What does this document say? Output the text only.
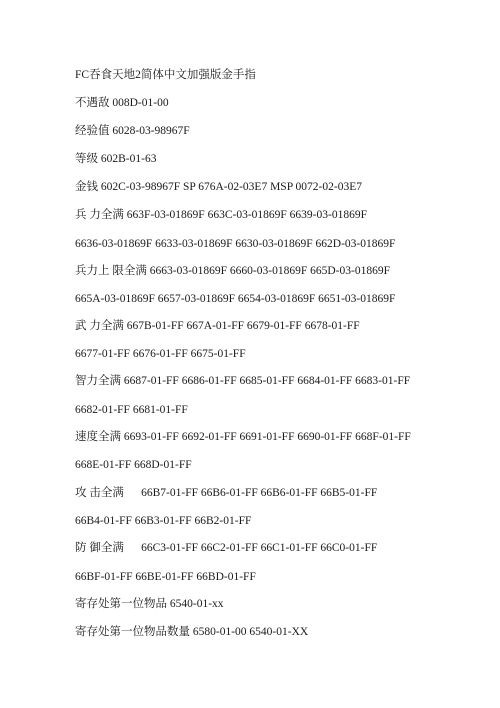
FC吞食天地2简体中文加强版金手指
不遇敌 008D-01-00
经验值 6028-03-98967F
等级 602B-01-63
金钱 602C-03-98967F SP 676A-02-03E7 MSP 0072-02-03E7
兵 力全满 663F-03-01869F 663C-03-01869F 6639-03-01869F
6636-03-01869F 6633-03-01869F 6630-03-01869F 662D-03-01869F
兵力上 限全满 6663-03-01869F 6660-03-01869F 665D-03-01869F
665A-03-01869F 6657-03-01869F 6654-03-01869F 6651-03-01869F
武 力全满 667B-01-FF 667A-01-FF 6679-01-FF 6678-01-FF
6677-01-FF 6676-01-FF 6675-01-FF
智力全满 6687-01-FF 6686-01-FF 6685-01-FF 6684-01-FF 6683-01-FF
6682-01-FF 6681-01-FF
速度全满 6693-01-FF 6692-01-FF 6691-01-FF 6690-01-FF 668F-01-FF
668E-01-FF 668D-01-FF
攻 击全满      66B7-01-FF 66B6-01-FF 66B6-01-FF 66B5-01-FF
66B4-01-FF 66B3-01-FF 66B2-01-FF
防 御全满      66C3-01-FF 66C2-01-FF 66C1-01-FF 66C0-01-FF
66BF-01-FF 66BE-01-FF 66BD-01-FF
寄存处第一位物品 6540-01-xx
寄存处第一位物品数量 6580-01-00 6540-01-XX
